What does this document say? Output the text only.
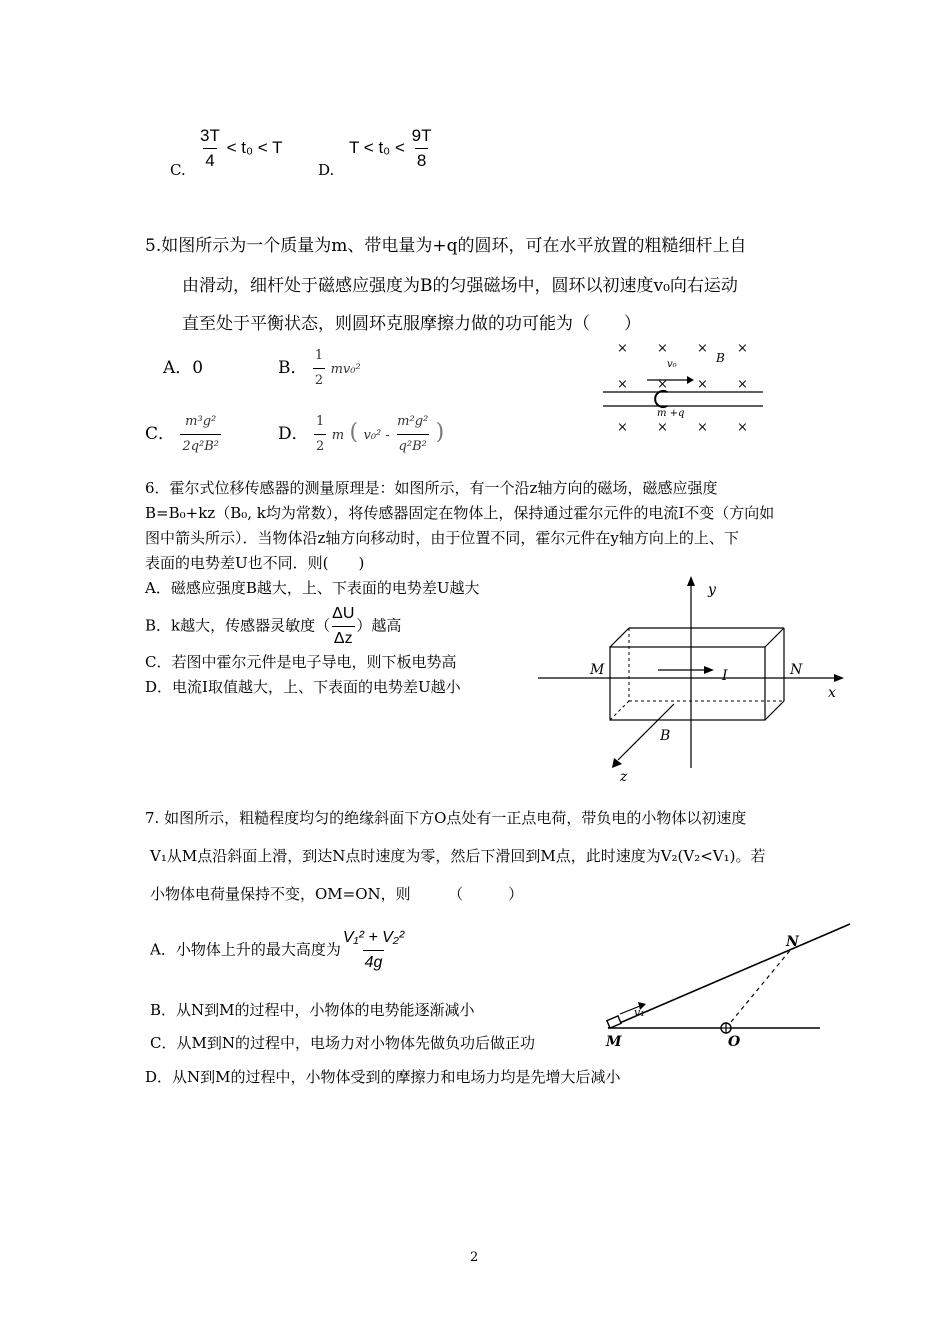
C. $\frac{3T}{4} < t_0 < T$
D.
$T < t_0 < \frac{9T}{8}$
5.如图所示为一个质量为m、带电量为+q的圆环，可在水平放置的粗糙细杆上自
由滑动，细杆处于磁感应强度为B的匀强磁场中，圆环以初速度v₀向右运动
直至处于平衡状态，则圆环克服摩擦力做的功可能为（　　）
A．0	B． $\frac{1}{2} mv_0^2$
C． $\frac{\text{m³g²}}{\text{2q²B²}}$	D． $\frac{1}{2}$ m ( $v_0^2 - \frac{\text{m²g²}}{\text{q²B²}}$ )
× × × ×
× × × ×
× × × ×
v₀	B
m +q
6．霍尔式位移传感器的测量原理是：如图所示，有一个沿z轴方向的磁场，磁感应强度
B=B₀+kz（B₀, k均为常数），将传感器固定在物体上，保持通过霍尔元件的电流I不变（方向如
图中箭头所示）．当物体沿z轴方向移动时，由于位置不同，霍尔元件在y轴方向上的上、下
表面的电势差U也不同．则(　　)
A．磁感应强度B越大，上、下表面的电势差U越大
B．k越大，传感器灵敏度（ $\frac{\Delta U}{\Delta z}$ ）越高
C．若图中霍尔元件是电子导电，则下板电势高
D．电流I取值越大，上、下表面的电势差U越小
y
x
I
M	N
z
B
7. 如图所示，粗糙程度均匀的绝缘斜面下方O点处有一正点电荷，带负电的小物体以初速度
V₁从M点沿斜面上滑，到达N点时速度为零，然后下滑回到M点，此时速度为V₂(V₂<V₁)。若
小物体电荷量保持不变，OM=ON，则　　　（　　　）
A．小物体上升的最大高度为 $\frac{\text{V₁² + V₂²}}{4g}$
B．从N到M的过程中，小物体的电势能逐渐减小
C．从M到N的过程中，电场力对小物体先做负功后做正功
D．从N到M的过程中，小物体受到的摩擦力和电场力均是先增大后减小
v₁
N
M	O
2
